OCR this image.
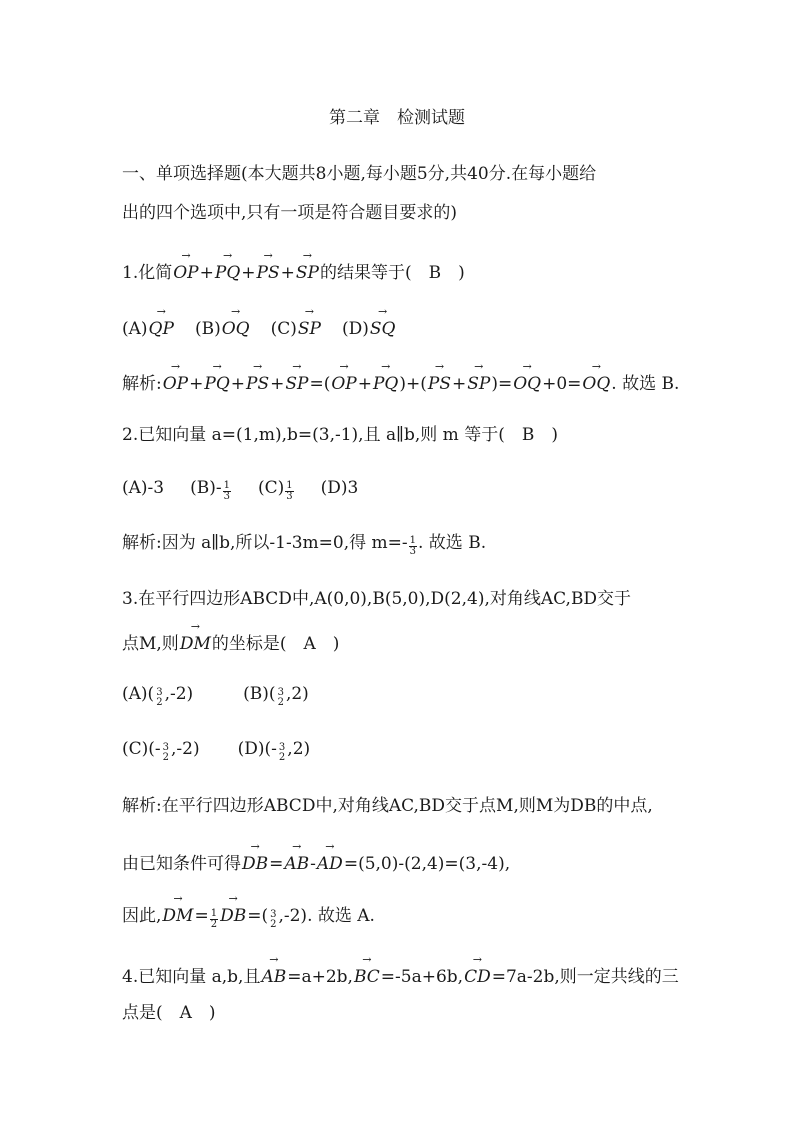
第二章　检测试题
一、单项选择题(本大题共8小题,每小题5分,共40分.在每小题给
出的四个选项中,只有一项是符合题目要求的)
1.化简→ OP+→ PQ+→ PS+→ SP的结果等于(　B　)
(A)→ QP (B)→ OQ (C)→ SP (D)→ SQ
解析:→ OP+→ PQ+→ PS+→ SP=(→ OP+→ PQ)+(→ PS+→ SP)=→ OQ+0=→ OQ. 故选 B.
2.已知向量 a=(1,m),b=(3,-1),且 a∥b,则 m 等于(　B　)
(A)-3 $(B)- \frac{1}{3} (C) \frac{1}{3} (D)3$
解析:因为 a∥b,所以-1-3m=0,得 $m=- \frac{1}{3}$ . 故选 B.
3.在平行四边形ABCD中,A(0,0),B(5,0),D(2,4),对角线AC,BD交于
点M,则→ DM的坐标是(　A　)
(A)( 3
2 ,-2)	(B)( 3
2 ,2)
(C)(- 3
2 ,-2) (D)(- 3
2 ,2)
解析:在平行四边形ABCD中,对角线AC,BD交于点M,则M为DB的中点,
由已知条件可得→ DB=→ AB-→ AD=(5,0)-(2,4)=(3,-4),
因此,→ $DM= \frac{1}{2}$
→ DB=( 3
2 ,-2). 故选 A.
4.已知向量 a,b,且→ AB=a+2b,→ BC=-5a+6b,→ CD=7a-2b,则一定共线的三
点是(　A　)
